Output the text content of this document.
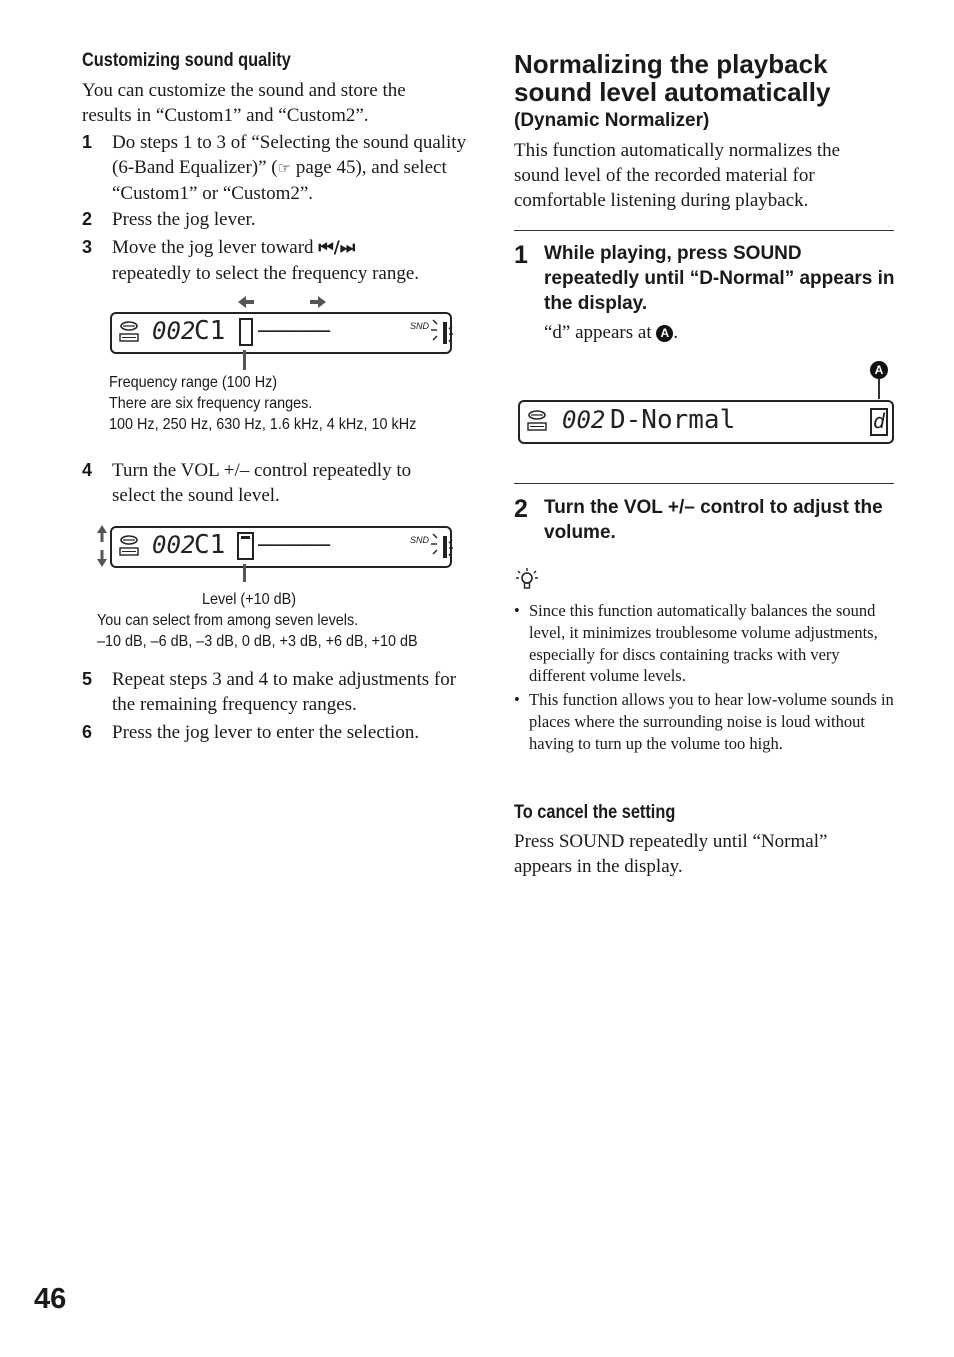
Customizing sound quality
You can customize the sound and store the results in “Custom1” and “Custom2”.
1 Do steps 1 to 3 of “Selecting the sound quality (6-Band Equalizer)” (☞ page 45), and select “Custom1” or “Custom2”.
2 Press the jog lever.
3 Move the jog lever toward ⏮/⏭
repeatedly to select the frequency range.
002
C1 –––––	SND
Frequency range (100 Hz)
There are six frequency ranges.
100 Hz, 250 Hz, 630 Hz, 1.6 kHz, 4 kHz, 10 kHz
4 Turn the VOL +/– control repeatedly to select the sound level.
002
C1 –––––	SND
Level (+10 dB)
You can select from among seven levels.
–10 dB, –6 dB, –3 dB, 0 dB, +3 dB, +6 dB, +10 dB
5 Repeat steps 3 and 4 to make adjustments for the remaining frequency ranges.
6 Press the jog lever to enter the selection.
Normalizing the playback
sound level automatically
(Dynamic Normalizer)
This function automatically normalizes the sound level of the recorded material for comfortable listening during playback.
1 While playing, press SOUND repeatedly until “D-Normal” appears in the display.
“d” appears at A .
A
002 D-Normal	d
2 Turn the VOL +/– control to adjust the volume.
• Since this function automatically balances the sound level, it minimizes troublesome volume adjustments, especially for discs containing tracks with very different volume levels.
• This function allows you to hear low-volume sounds in places where the surrounding noise is loud without having to turn up the volume too high.
To cancel the setting
Press SOUND repeatedly until “Normal” appears in the display.
46
